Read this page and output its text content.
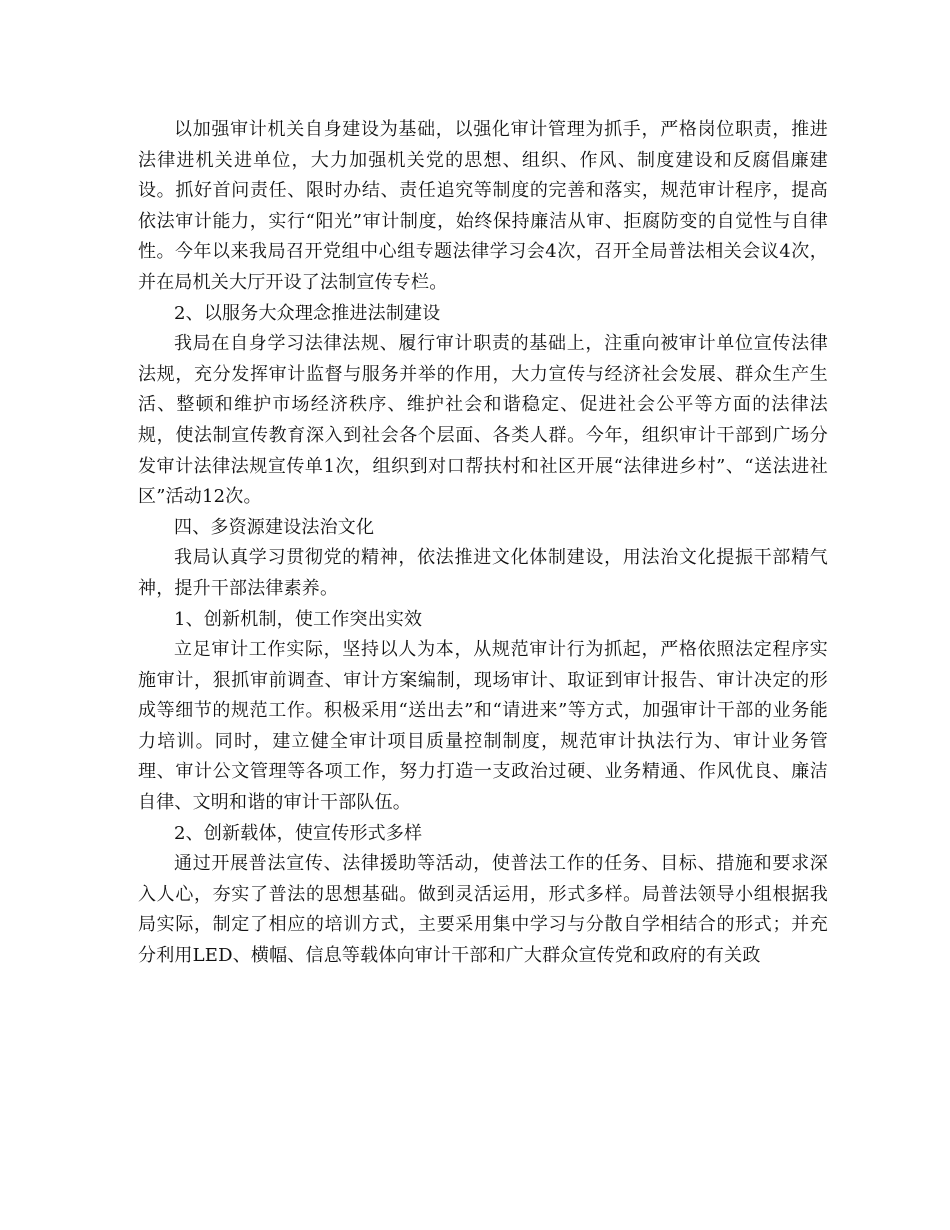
以加强审计机关自身建设为基础，以强化审计管理为抓手，严格岗位职责，推进法律进机关进单位，大力加强机关党的思想、组织、作风、制度建设和反腐倡廉建设。抓好首问责任、限时办结、责任追究等制度的完善和落实，规范审计程序，提高依法审计能力，实行“阳光”审计制度，始终保持廉洁从审、拒腐防变的自觉性与自律性。今年以来我局召开党组中心组专题法律学习会4次，召开全局普法相关会议4次，并在局机关大厅开设了法制宣传专栏。

2、以服务大众理念推进法制建设

我局在自身学习法律法规、履行审计职责的基础上，注重向被审计单位宣传法律法规，充分发挥审计监督与服务并举的作用，大力宣传与经济社会发展、群众生产生活、整顿和维护市场经济秩序、维护社会和谐稳定、促进社会公平等方面的法律法规，使法制宣传教育深入到社会各个层面、各类人群。今年，组织审计干部到广场分发审计法律法规宣传单1次，组织到对口帮扶村和社区开展“法律进乡村”、“送法进社区”活动12次。

四、多资源建设法治文化

我局认真学习贯彻党的精神，依法推进文化体制建设，用法治文化提振干部精气神，提升干部法律素养。

1、创新机制，使工作突出实效

立足审计工作实际，坚持以人为本，从规范审计行为抓起，严格依照法定程序实施审计，狠抓审前调查、审计方案编制，现场审计、取证到审计报告、审计决定的形成等细节的规范工作。积极采用“送出去”和“请进来”等方式，加强审计干部的业务能力培训。同时，建立健全审计项目质量控制制度，规范审计执法行为、审计业务管理、审计公文管理等各项工作，努力打造一支政治过硬、业务精通、作风优良、廉洁自律、文明和谐的审计干部队伍。

2、创新载体，使宣传形式多样

通过开展普法宣传、法律援助等活动，使普法工作的任务、目标、措施和要求深入人心，夯实了普法的思想基础。做到灵活运用，形式多样。局普法领导小组根据我局实际，制定了相应的培训方式，主要采用集中学习与分散自学相结合的形式；并充分利用LED、横幅、信息等载体向审计干部和广大群众宣传党和政府的有关政
